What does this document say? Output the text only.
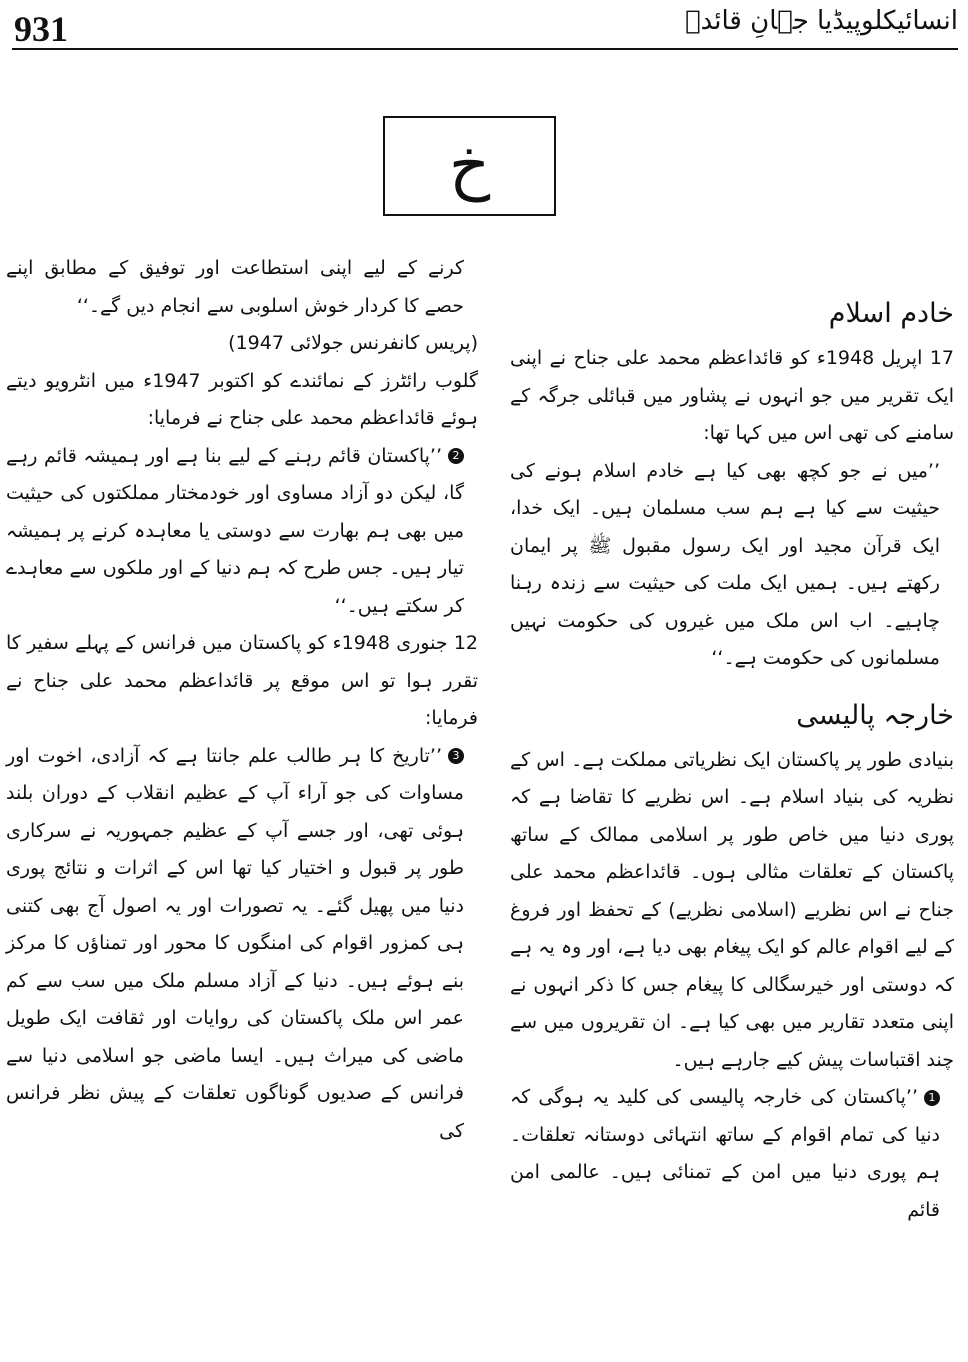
931	انسائیکلوپیڈیا جہانِ قائدؒ
خ

خادم اسلام

17 اپریل 1948ء کو قائداعظم محمد علی جناح نے اپنی ایک تقریر میں جو انہوں نے پشاور میں قبائلی جرگہ کے سامنے کی تھی اس میں کہا تھا:

’’میں نے جو کچھ بھی کیا ہے خادم اسلام ہونے کی حیثیت سے کیا ہے ہم سب مسلمان ہیں۔ ایک خدا، ایک قرآن مجید اور ایک رسول مقبول ﷺ پر ایمان رکھتے ہیں۔ ہمیں ایک ملت کی حیثیت سے زندہ رہنا چاہیے۔ اب اس ملک میں غیروں کی حکومت نہیں مسلمانوں کی حکومت ہے۔‘‘

خارجہ پالیسی

بنیادی طور پر پاکستان ایک نظریاتی مملکت ہے۔ اس کے نظریہ کی بنیاد اسلام ہے۔ اس نظریے کا تقاضا ہے کہ پوری دنیا میں خاص طور پر اسلامی ممالک کے ساتھ پاکستان کے تعلقات مثالی ہوں۔ قائداعظم محمد علی جناح نے اس نظریے (اسلامی نظریے) کے تحفظ اور فروغ کے لیے اقوام عالم کو ایک پیغام بھی دیا ہے، اور وہ یہ ہے کہ دوستی اور خیرسگالی کا پیغام جس کا ذکر انہوں نے اپنی متعدد تقاریر میں بھی کیا ہے۔ ان تقریروں میں سے چند اقتباسات پیش کیے جارہے ہیں۔

1’’پاکستان کی خارجہ پالیسی کی کلید یہ ہوگی کہ دنیا کی تمام اقوام کے ساتھ انتہائی دوستانہ تعلقات۔ ہم پوری دنیا میں امن کے تمنائی ہیں۔ عالمی امن قائم

کرنے کے لیے اپنی استطاعت اور توفیق کے مطابق اپنے حصے کا کردار خوش اسلوبی سے انجام دیں گے۔‘‘

(پریس کانفرنس جولائی 1947)

گلوب رائٹرز کے نمائندے کو اکتوبر 1947ء میں انٹرویو دیتے ہوئے قائداعظم محمد علی جناح نے فرمایا:

2’’پاکستان قائم رہنے کے لیے بنا ہے اور ہمیشہ قائم رہے گا، لیکن دو آزاد مساوی اور خودمختار مملکتوں کی حیثیت میں بھی ہم بھارت سے دوستی یا معاہدہ کرنے پر ہمیشہ تیار ہیں۔ جس طرح کہ ہم دنیا کے اور ملکوں سے معاہدے کر سکتے ہیں۔‘‘

12 جنوری 1948ء کو پاکستان میں فرانس کے پہلے سفیر کا تقرر ہوا تو اس موقع پر قائداعظم محمد علی جناح نے فرمایا:

3’’تاریخ کا ہر طالب علم جانتا ہے کہ آزادی، اخوت اور مساوات کی جو آراء آپ کے عظیم انقلاب کے دوران بلند ہوئی تھی، اور جسے آپ کے عظیم جمہوریہ نے سرکاری طور پر قبول و اختیار کیا تھا اس کے اثرات و نتائج پوری دنیا میں پھیل گئے۔ یہ تصورات اور یہ اصول آج بھی کتنی ہی کمزور اقوام کی امنگوں کا محور اور تمناؤں کا مرکز بنے ہوئے ہیں۔ دنیا کے آزاد مسلم ملک میں سب سے کم عمر اس ملک پاکستان کی روایات اور ثقافت ایک طویل ماضی کی میراث ہیں۔ ایسا ماضی جو اسلامی دنیا سے فرانس کے صدیوں گوناگوں تعلقات کے پیش نظر فرانس کی
